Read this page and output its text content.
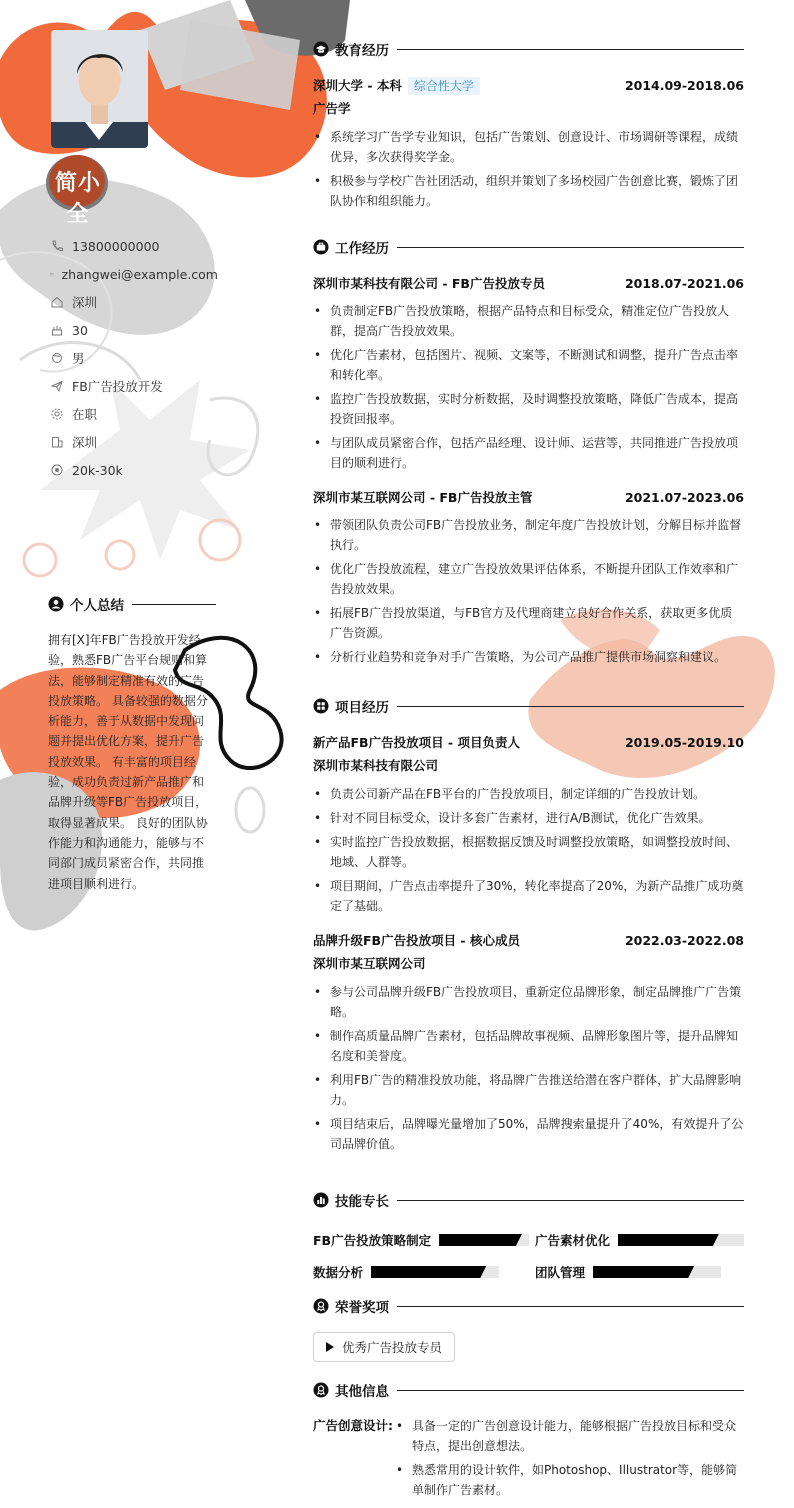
简小全
13800000000
zhangwei@example.com
深圳
30
男
FB广告投放开发
在职
深圳
20k-30k
个人总结
拥有[X]年FB广告投放开发经验，熟悉FB广告平台规则和算法，能够制定精准有效的广告投放策略。 具备较强的数据分析能力，善于从数据中发现问题并提出优化方案，提升广告投放效果。 有丰富的项目经验，成功负责过新产品推广和品牌升级等FB广告投放项目，取得显著成果。 良好的团队协作能力和沟通能力，能够与不同部门成员紧密合作，共同推进项目顺利进行。
教育经历
深圳大学 - 本科 综合性大学	2014.09-2018.06
广告学
• 系统学习广告学专业知识，包括广告策划、创意设计、市场调研等课程，成绩优异，多次获得奖学金。
• 积极参与学校广告社团活动，组织并策划了多场校园广告创意比赛，锻炼了团队协作和组织能力。
工作经历
深圳市某科技有限公司 - FB广告投放专员	2018.07-2021.06
• 负责制定FB广告投放策略，根据产品特点和目标受众，精准定位广告投放人群，提高广告投放效果。
• 优化广告素材，包括图片、视频、文案等，不断测试和调整，提升广告点击率和转化率。
• 监控广告投放数据，实时分析数据，及时调整投放策略，降低广告成本，提高投资回报率。
• 与团队成员紧密合作，包括产品经理、设计师、运营等，共同推进广告投放项目的顺利进行。
深圳市某互联网公司 - FB广告投放主管	2021.07-2023.06
• 带领团队负责公司FB广告投放业务，制定年度广告投放计划，分解目标并监督执行。
• 优化广告投放流程，建立广告投放效果评估体系，不断提升团队工作效率和广告投放效果。
• 拓展FB广告投放渠道，与FB官方及代理商建立良好合作关系，获取更多优质广告资源。
• 分析行业趋势和竞争对手广告策略，为公司产品推广提供市场洞察和建议。
项目经历
新产品FB广告投放项目 - 项目负责人	2019.05-2019.10
深圳市某科技有限公司
• 负责公司新产品在FB平台的广告投放项目，制定详细的广告投放计划。
• 针对不同目标受众，设计多套广告素材，进行A/B测试，优化广告效果。
• 实时监控广告投放数据，根据数据反馈及时调整投放策略，如调整投放时间、地域、人群等。
• 项目期间，广告点击率提升了30%，转化率提高了20%，为新产品推广成功奠定了基础。
品牌升级FB广告投放项目 - 核心成员	2022.03-2022.08
深圳市某互联网公司
• 参与公司品牌升级FB广告投放项目，重新定位品牌形象，制定品牌推广广告策略。
• 制作高质量品牌广告素材，包括品牌故事视频、品牌形象图片等，提升品牌知名度和美誉度。
• 利用FB广告的精准投放功能，将品牌广告推送给潜在客户群体，扩大品牌影响力。
• 项目结束后，品牌曝光量增加了50%，品牌搜索量提升了40%，有效提升了公司品牌价值。
技能专长
FB广告投放策略制定	广告素材优化
数据分析	团队管理
荣誉奖项
优秀广告投放专员
其他信息
广告创意设计:
•	具备一定的广告创意设计能力，能够根据广告投放目标和受众特点，提出创意想法。
• 熟悉常用的设计软件，如Photoshop、Illustrator等，能够简单制作广告素材。
